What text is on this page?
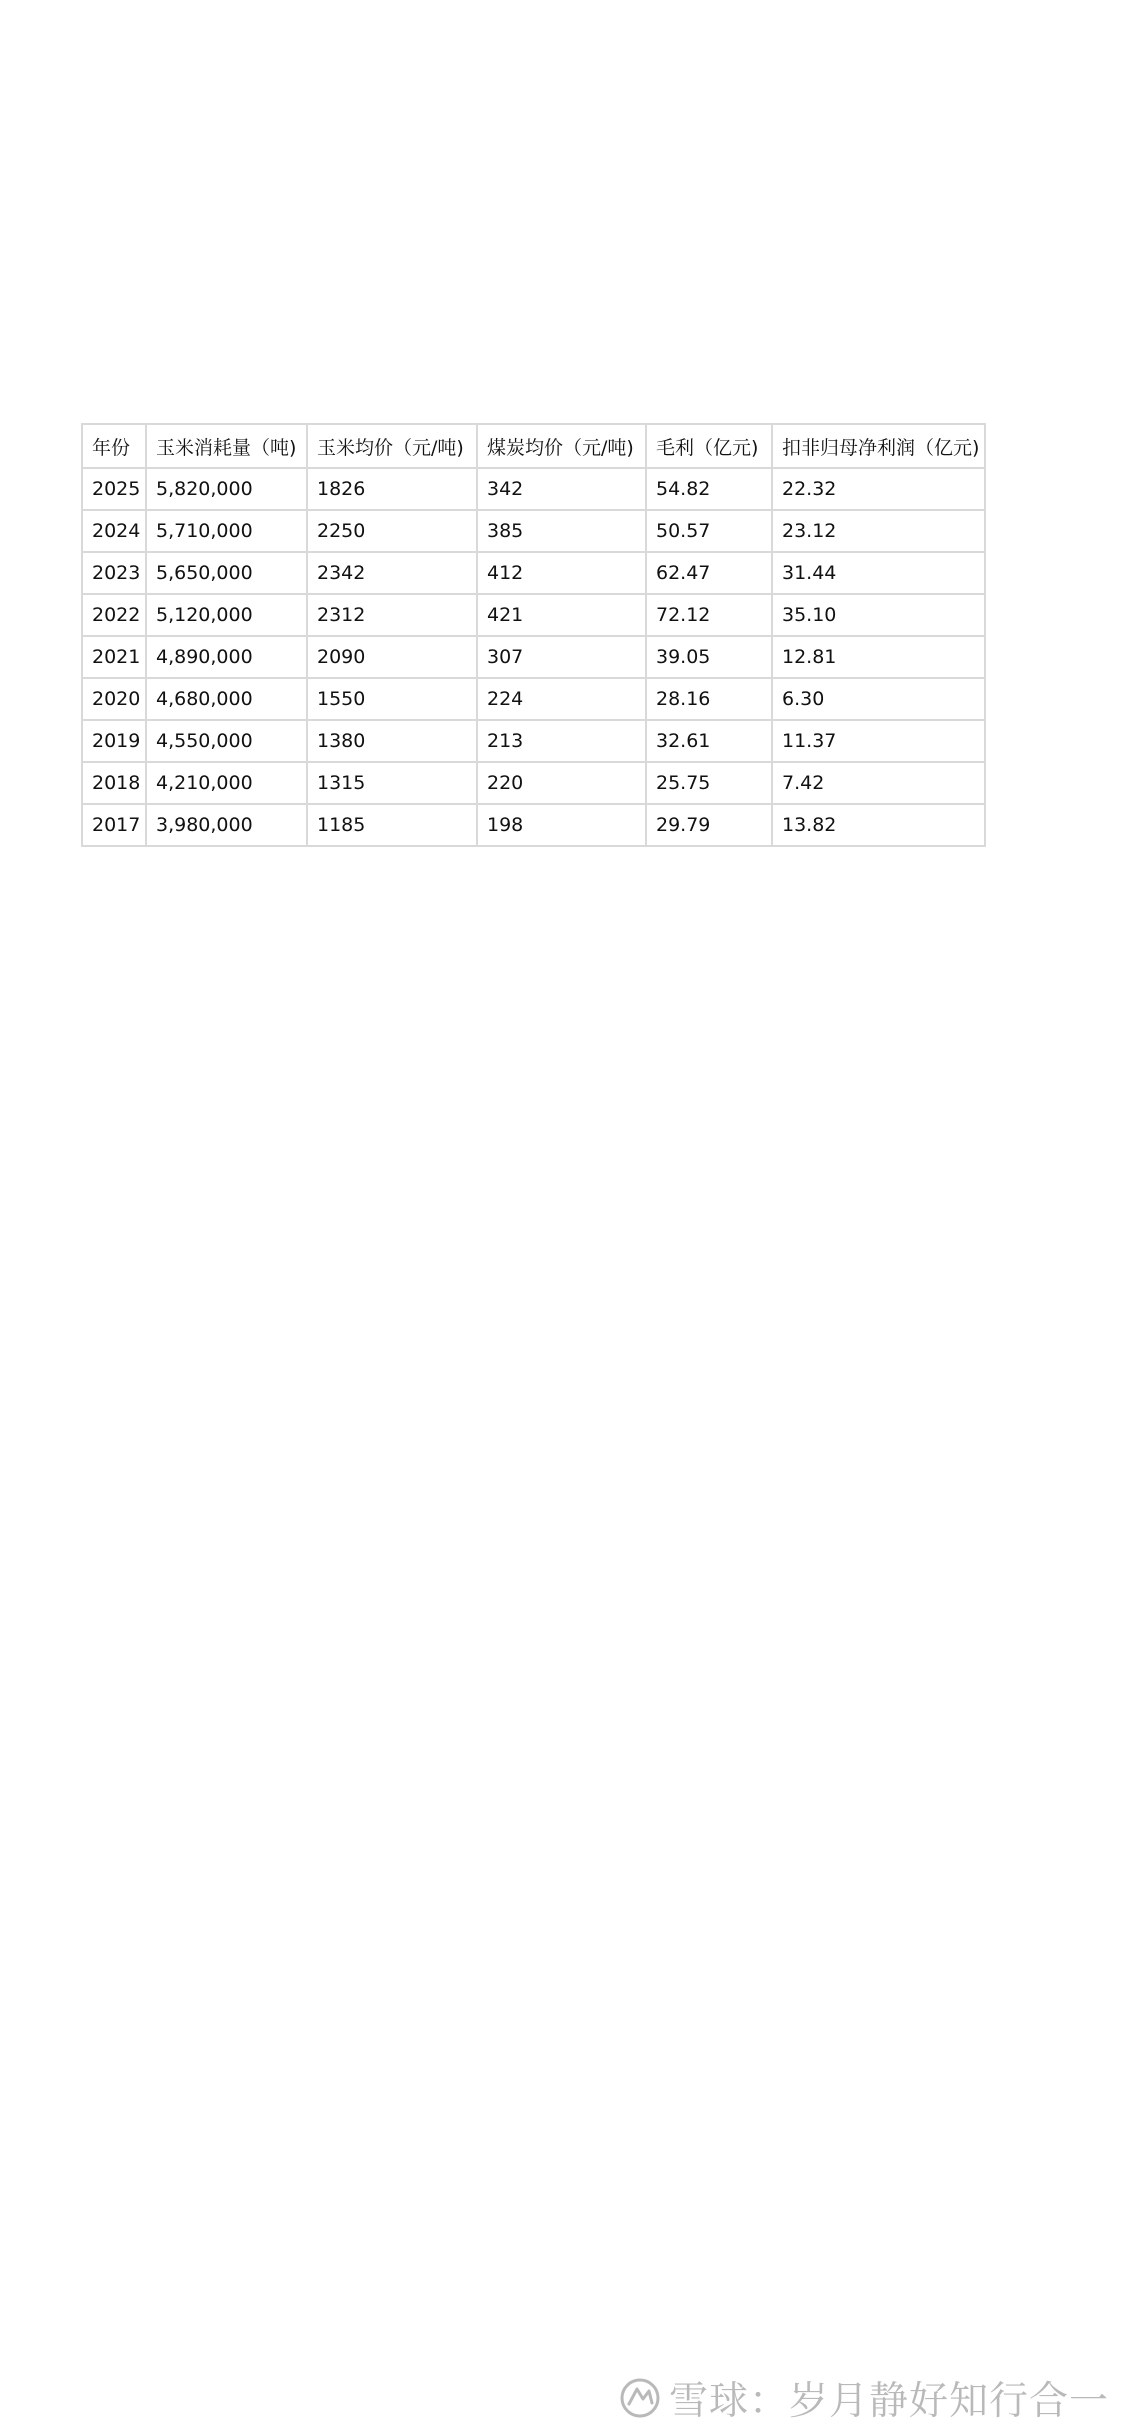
年份	玉米消耗量（吨)	玉米均价（元/吨)	煤炭均价（元/吨)	毛利（亿元)	扣非归母净利润（亿元)
2025	5,820,000	1826	342	54.82	22.32
2024	5,710,000	2250	385	50.57	23.12
2023	5,650,000	2342	412	62.47	31.44
2022	5,120,000	2312	421	72.12	35.10
2021	4,890,000	2090	307	39.05	12.81
2020	4,680,000	1550	224	28.16	6.30
2019	4,550,000	1380	213	32.61	11.37
2018	4,210,000	1315	220	25.75	7.42
2017	3,980,000	1185	198	29.79	13.82
雪球：岁月静好知行合一
